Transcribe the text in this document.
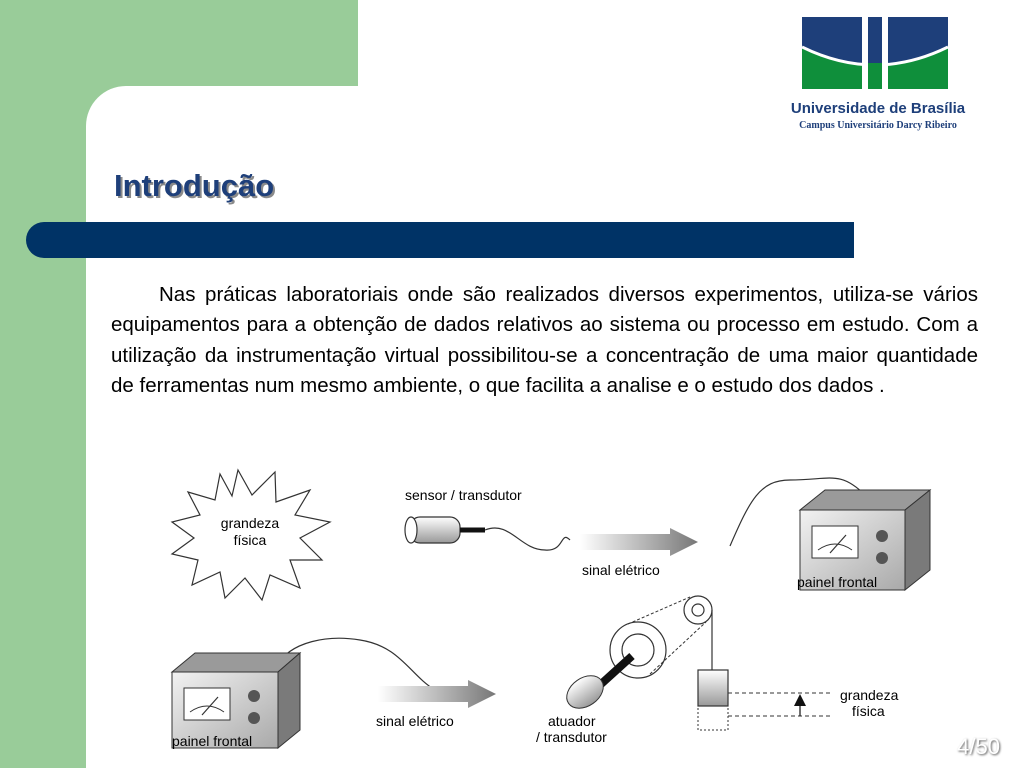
Universidade de Brasília
Campus Universitário Darcy Ribeiro
Introdução

Nas práticas laboratoriais onde são realizados diversos experimentos, utiliza-se vários equipamentos para a obtenção de dados relativos ao sistema ou processo em estudo. Com a utilização da instrumentação virtual possibilitou-se a concentração de uma maior quantidade de ferramentas num mesmo ambiente, o que facilita a analise e o estudo dos dados .

grandeza
física
sensor / transdutor
sinal elétrico
painel frontal
painel frontal
sinal elétrico	atuador
/ transdutor
grandeza
física
4/50
